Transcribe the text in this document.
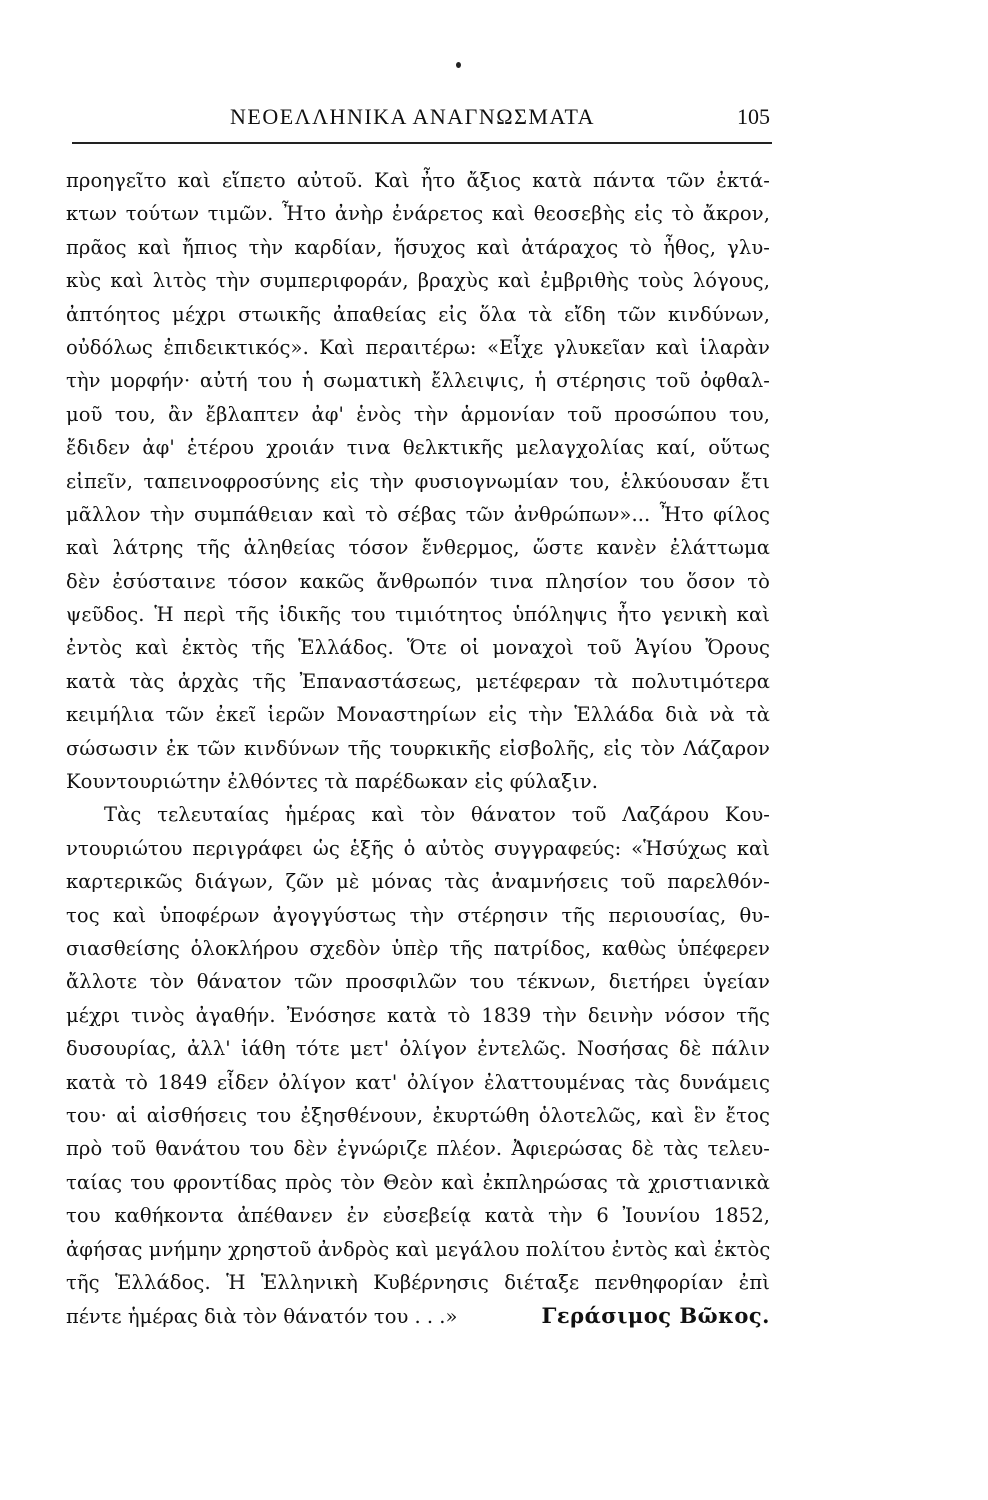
ΝΕΟΕΛΛΗΝΙΚΑ ΑΝΑΓΝΩΣΜΑΤΑ	105
προηγεῖτο καὶ εἵπετο αὐτοῦ. Καὶ ἦτο ἄξιος κατὰ πάντα τῶν ἐκτά-
κτων τούτων τιμῶν. Ἦτο ἀνὴρ ἐνάρετος καὶ θεοσεβὴς εἰς τὸ ἄκρον,
πρᾶος καὶ ἤπιος τὴν καρδίαν, ἥσυχος καὶ ἀτάραχος τὸ ἦθος, γλυ-
κὺς καὶ λιτὸς τὴν συμπεριφοράν, βραχὺς καὶ ἐμβριθὴς τοὺς λόγους,
ἀπτόητος μέχρι στωικῆς ἀπαθείας εἰς ὅλα τὰ εἴδη τῶν κινδύνων,
οὐδόλως ἐπιδεικτικός». Καὶ περαιτέρω: «Εἶχε γλυκεῖαν καὶ ἱλαρὰν
τὴν μορφήν· αὐτή του ἡ σωματικὴ ἔλλειψις, ἡ στέρησις τοῦ ὀφθαλ-
μοῦ του, ἂν ἔβλαπτεν ἀφ' ἑνὸς τὴν ἁρμονίαν τοῦ προσώπου του,
ἔδιδεν ἀφ' ἑτέρου χροιάν τινα θελκτικῆς μελαγχολίας καί, οὕτως
εἰπεῖν, ταπεινοφροσύνης εἰς τὴν φυσιογνωμίαν του, ἑλκύουσαν ἔτι
μᾶλλον τὴν συμπάθειαν καὶ τὸ σέβας τῶν ἀνθρώπων»... Ἦτο φίλος
καὶ λάτρης τῆς ἀληθείας τόσον ἔνθερμος, ὥστε κανὲν ἐλάττωμα
δὲν ἐσύσταινε τόσον κακῶς ἄνθρωπόν τινα πλησίον του ὅσον τὸ
ψεῦδος. Ἡ περὶ τῆς ἰδικῆς του τιμιότητος ὑπόληψις ἦτο γενικὴ καὶ
ἐντὸς καὶ ἐκτὸς τῆς Ἑλλάδος. Ὅτε οἱ μοναχοὶ τοῦ Ἁγίου Ὄρους
κατὰ τὰς ἀρχὰς τῆς Ἐπαναστάσεως, μετέφεραν τὰ πολυτιμότερα
κειμήλια τῶν ἐκεῖ ἱερῶν Μοναστηρίων εἰς τὴν Ἑλλάδα διὰ νὰ τὰ
σώσωσιν ἐκ τῶν κινδύνων τῆς τουρκικῆς εἰσβολῆς, εἰς τὸν Λάζαρον
Κουντουριώτην ἐλθόντες τὰ παρέδωκαν εἰς φύλαξιν.
Τὰς τελευταίας ἡμέρας καὶ τὸν θάνατον τοῦ Λαζάρου Κου-
ντουριώτου περιγράφει ὡς ἑξῆς ὁ αὐτὸς συγγραφεύς: «Ἡσύχως καὶ
καρτερικῶς διάγων, ζῶν μὲ μόνας τὰς ἀναμνήσεις τοῦ παρελθόν-
τος καὶ ὑποφέρων ἀγογγύστως τὴν στέρησιν τῆς περιουσίας, θυ-
σιασθείσης ὁλοκλήρου σχεδὸν ὑπὲρ τῆς πατρίδος, καθὼς ὑπέφερεν
ἄλλοτε τὸν θάνατον τῶν προσφιλῶν του τέκνων, διετήρει ὑγείαν
μέχρι τινὸς ἀγαθήν. Ἐνόσησε κατὰ τὸ 1839 τὴν δεινὴν νόσον τῆς
δυσουρίας, ἀλλ' ἰάθη τότε μετ' ὀλίγον ἐντελῶς. Νοσήσας δὲ πάλιν
κατὰ τὸ 1849 εἶδεν ὀλίγον κατ' ὀλίγον ἐλαττουμένας τὰς δυνάμεις
του· αἱ αἰσθήσεις του ἐξησθένουν, ἐκυρτώθη ὁλοτελῶς, καὶ ἓν ἔτος
πρὸ τοῦ θανάτου του δὲν ἐγνώριζε πλέον. Ἀφιερώσας δὲ τὰς τελευ-
ταίας του φροντίδας πρὸς τὸν Θεὸν καὶ ἐκπληρώσας τὰ χριστιανικὰ
του καθήκοντα ἀπέθανεν ἐν εὐσεβείᾳ κατὰ τὴν 6 Ἰουνίου 1852,
ἀφήσας μνήμην χρηστοῦ ἀνδρὸς καὶ μεγάλου πολίτου ἐντὸς καὶ ἐκτὸς
τῆς Ἑλλάδος. Ἡ Ἑλληνικὴ Κυβέρνησις διέταξε πενθηφορίαν ἐπὶ
πέντε ἡμέρας διὰ τὸν θάνατόν του . . .»	Γεράσιμος Βῶκος.
